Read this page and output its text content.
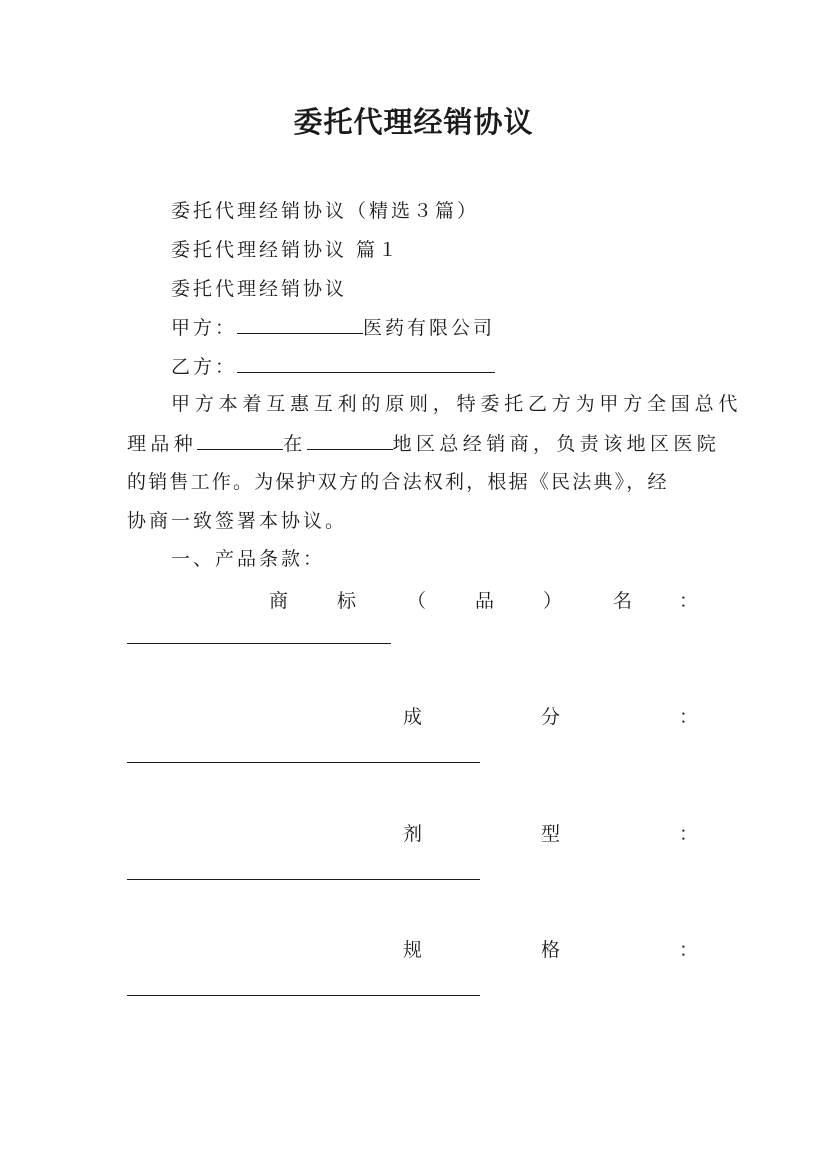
委托代理经销协议
委托代理经销协议（精选３篇）
委托代理经销协议 篇１
委托代理经销协议
甲方：	医药有限公司
乙方：
甲方本着互惠互利的原则，特委托乙方为甲方全国总代
理品种	在	地区总经销商，负责该地区医院
的销售工作。为保护双方的合法权利，根据《民法典》，经
协商一致签署本协议。
一、产品条款：
商	标	（	品	）	名 ：
成	分	：
剂	型	：
规	格	：
